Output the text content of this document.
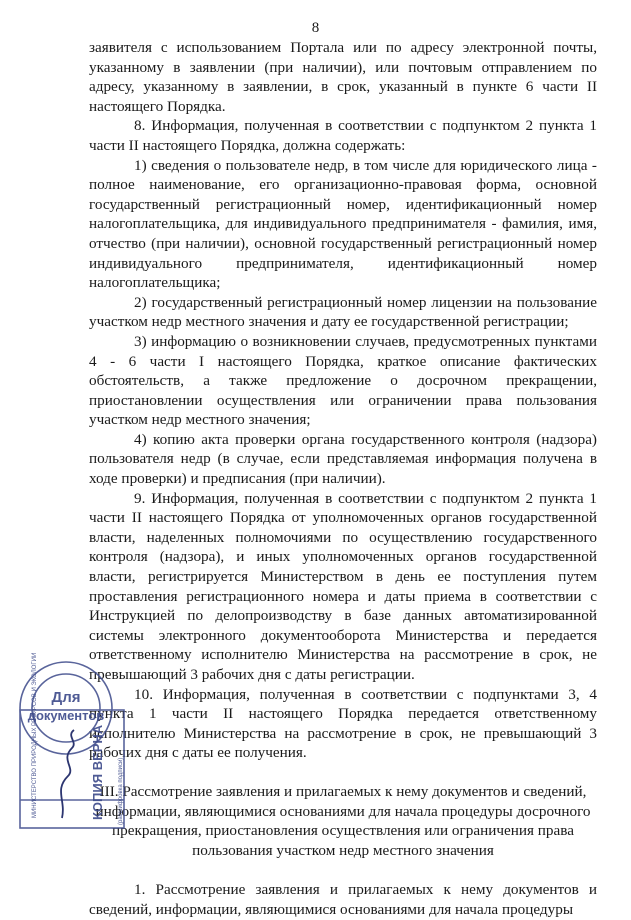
8

заявителя с использованием Портала или по адресу электронной почты, указанному в заявлении (при наличии), или почтовым отправлением по адресу, указанному в заявлении, в срок, указанный в пункте 6 части II настоящего Порядка.

8. Информация, полученная в соответствии с подпунктом 2 пункта 1 части II настоящего Порядка, должна содержать:

1) сведения о пользователе недр, в том числе для юридического лица - полное наименование, его организационно-правовая форма, основной государственный регистрационный номер, идентификационный номер налогоплательщика, для индивидуального предпринимателя - фамилия, имя, отчество (при наличии), основной государственный регистрационный номер индивидуального предпринимателя, идентификационный номер налогоплательщика;

2) государственный регистрационный номер лицензии на пользование участком недр местного значения и дату ее государственной регистрации;

3) информацию о возникновении случаев, предусмотренных пунктами 4 - 6 части I настоящего Порядка, краткое описание фактических обстоятельств, а также предложение о досрочном прекращении, приостановлении осуществления или ограничении права пользования участком недр местного значения;

4) копию акта проверки органа государственного контроля (надзора) пользователя недр (в случае, если представляемая информация получена в ходе проверки) и предписания (при наличии).

9. Информация, полученная в соответствии с подпунктом 2 пункта 1 части II настоящего Порядка от уполномоченных органов государственной власти, наделенных полномочиями по осуществлению государственного контроля (надзора), и иных уполномоченных органов государственной власти, регистрируется Министерством в день ее поступления путем проставления регистрационного номера и даты приема в соответствии с Инструкцией по делопроизводству в базе данных автоматизированной системы электронного документооборота Министерства и передается ответственному исполнителю Министерства на рассмотрение в срок, не превышающий 3 рабочих дня с даты регистрации.

10. Информация, полученная в соответствии с подпунктами 3, 4 пункта 1 части II настоящего Порядка передается ответственному исполнителю Министерства на рассмотрение в срок, не превышающий 3 рабочих дня с даты ее получения.

III. Рассмотрение заявления и прилагаемых к нему документов и сведений,
информации, являющимися основаниями для начала процедуры досрочного
прекращения, приостановления осуществления или ограничения права
пользования участком недр местного значения

1. Рассмотрение заявления и прилагаемых к нему документов и сведений, информации, являющимися основаниями для начала процедуры

Для
документов
МИНИСТЕРСТВО ПРИРОДНЫХ РЕСУРСОВ И ЭКОЛОГИИ	КОПИЯ ВЕРНА (расшифровка подписи)
